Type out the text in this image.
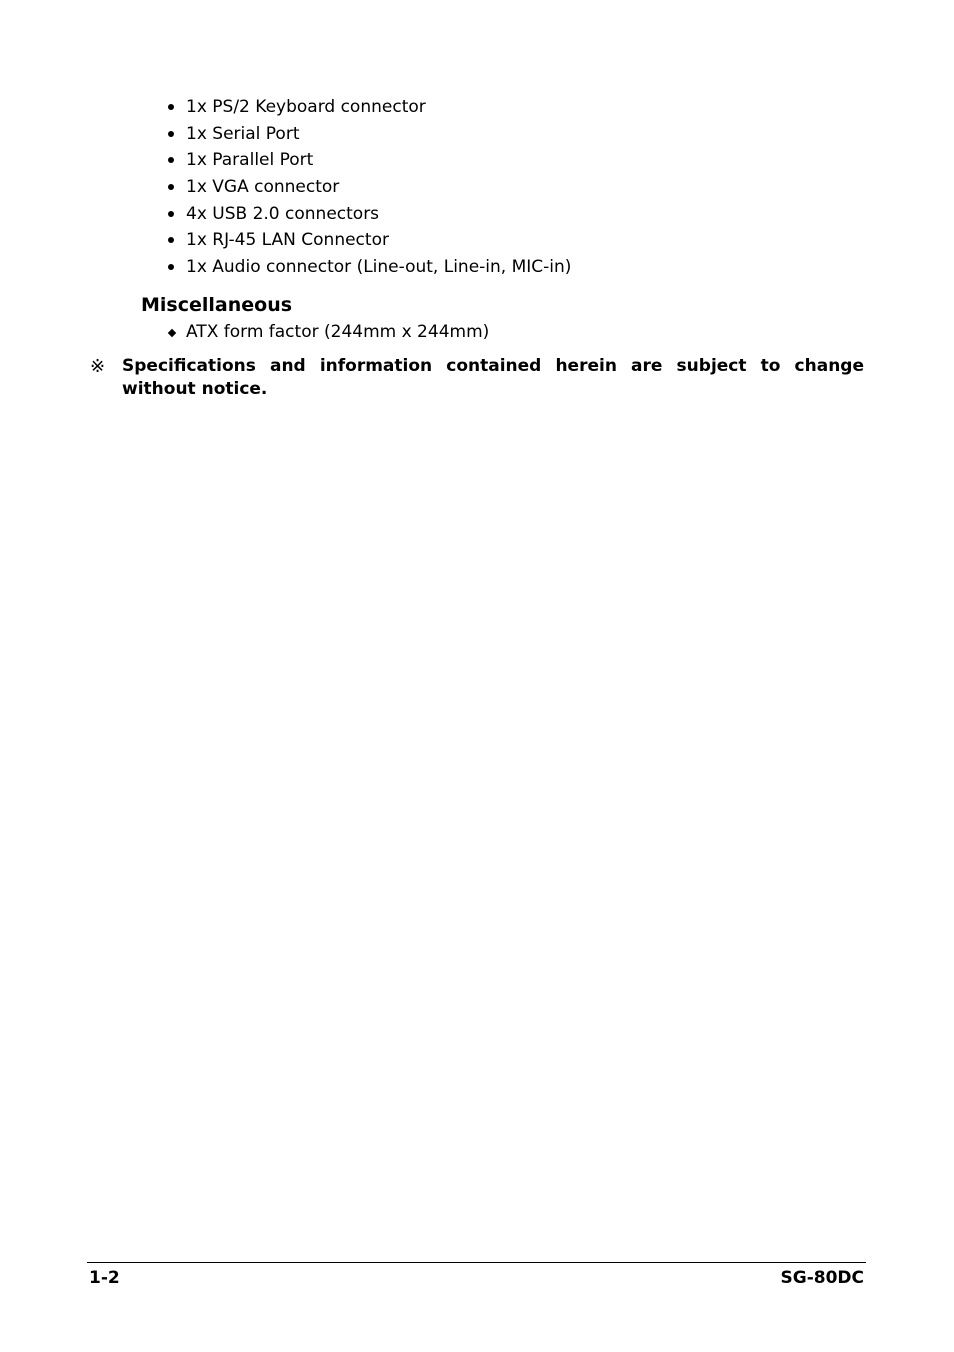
1x PS/2 Keyboard connector
1x Serial Port
1x Parallel Port
1x VGA connector
4x USB 2.0 connectors
1x RJ-45 LAN Connector
1x Audio connector (Line-out, Line-in, MIC-in)
Miscellaneous
ATX form factor (244mm x 244mm)
※ Specifications and information contained herein are subject to change without notice.

1-2	SG-80DC
